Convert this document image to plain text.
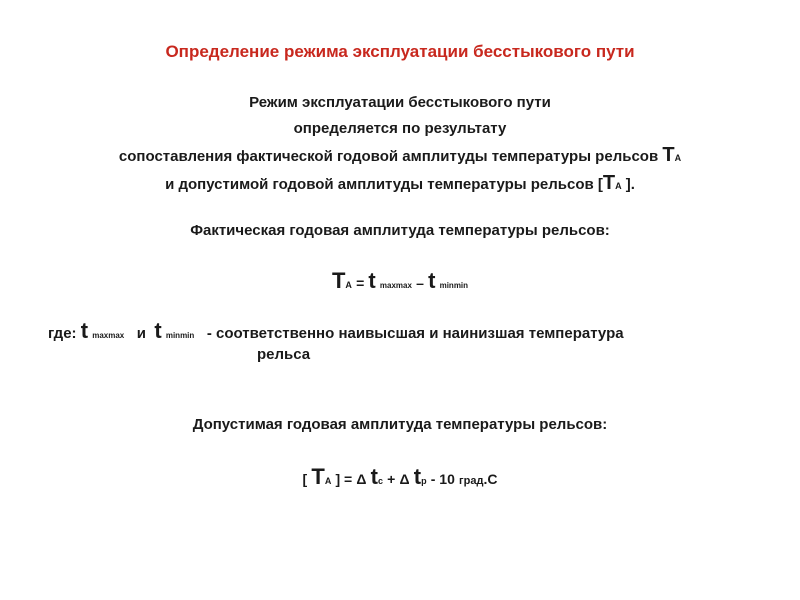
Определение режима эксплуатации бесстыкового пути
Режим эксплуатации бесстыкового пути
определяется по результату
сопоставления фактической годовой амплитуды температуры рельсов TA
и допустимой годовой амплитуды температуры рельсов [TA ].
Фактическая годовая амплитуда температуры рельсов:
TA = t maxmax – t minmin
где: t maxmax и t minmin - соответственно наивысшая и наинизшая температура
рельса
Допустимая годовая амплитуда температуры рельсов:
[ TA ] = Δ tс + Δ tр - 10 град.С
